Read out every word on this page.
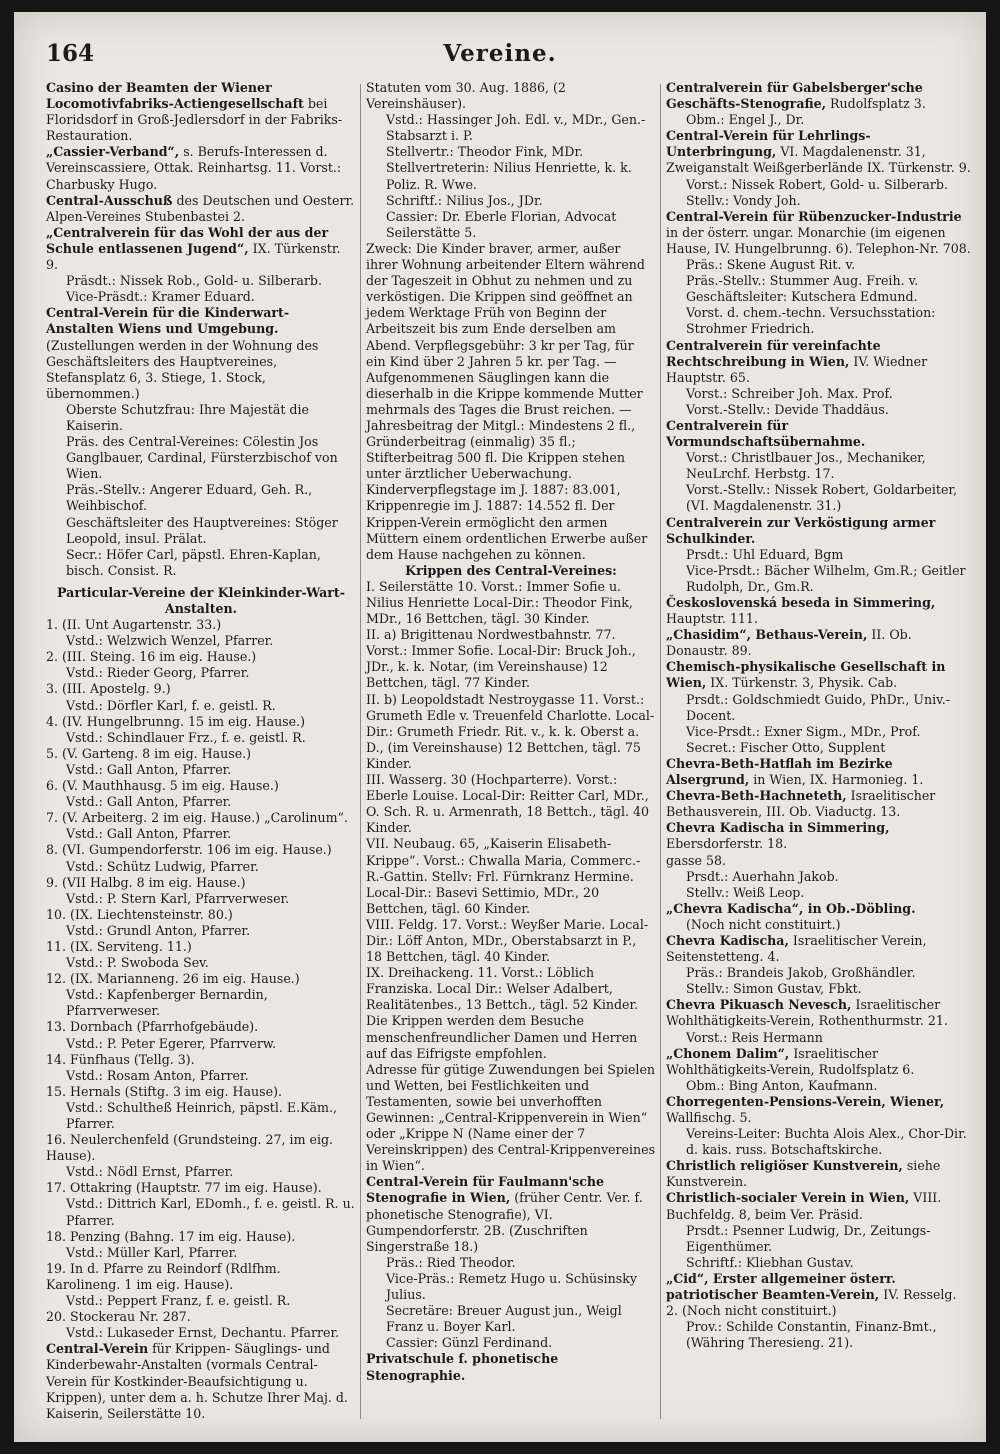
164	Vereine.

Casino der Beamten der Wiener Locomotivfabriks-Actiengesellschaft bei Floridsdorf in Groß-Jedlersdorf in der Fabriks-Restauration.

„Cassier-Verband“, s. Berufs-Interessen d. Vereinscassiere, Ottak. Reinhartsg. 11. Vorst.: Charbusky Hugo.

Central-Ausschuß des Deutschen und Oesterr. Alpen-Vereines Stubenbastei 2.

„Centralverein für das Wohl der aus der Schule entlassenen Jugend“, IX. Türkenstr. 9.

Präsdt.: Nissek Rob., Gold- u. Silberarb.

Vice-Präsdt.: Kramer Eduard.

Central-Verein für die Kinderwart-Anstalten Wiens und Umgebung. (Zustellungen werden in der Wohnung des Geschäftsleiters des Hauptvereines, Stefansplatz 6, 3. Stiege, 1. Stock, übernommen.)

Oberste Schutzfrau: Ihre Majestät die Kaiserin.

Präs. des Central-Vereines: Cölestin Jos Ganglbauer, Cardinal, Fürsterzbischof von Wien.

Präs.-Stellv.: Angerer Eduard, Geh. R., Weihbischof.

Geschäftsleiter des Hauptvereines: Stöger Leopold, insul. Prälat.

Secr.: Höfer Carl, päpstl. Ehren-Kaplan, bisch. Consist. R.

Particular-Vereine der Kleinkinder-Wart-Anstalten.

1. (II. Unt Augartenstr. 33.)

Vstd.: Welzwich Wenzel, Pfarrer.

2. (III. Steing. 16 im eig. Hause.)

Vstd.: Rieder Georg, Pfarrer.

3. (III. Apostelg. 9.)

Vstd.: Dörfler Karl, f. e. geistl. R.

4. (IV. Hungelbrunng. 15 im eig. Hause.)

Vstd.: Schindlauer Frz., f. e. geistl. R.

5. (V. Garteng. 8 im eig. Hause.)

Vstd.: Gall Anton, Pfarrer.

6. (V. Mauthhausg. 5 im eig. Hause.)

Vstd.: Gall Anton, Pfarrer.

7. (V. Arbeiterg. 2 im eig. Hause.) „Carolinum“.

Vstd.: Gall Anton, Pfarrer.

8. (VI. Gumpendorferstr. 106 im eig. Hause.)

Vstd.: Schütz Ludwig, Pfarrer.

9. (VII Halbg. 8 im eig. Hause.)

Vstd.: P. Stern Karl, Pfarrverweser.

10. (IX. Liechtensteinstr. 80.)

Vstd.: Grundl Anton, Pfarrer.

11. (IX. Serviteng. 11.)

Vstd.: P. Swoboda Sev.

12. (IX. Marianneng. 26 im eig. Hause.)

Vstd.: Kapfenberger Bernardin, Pfarrverweser.

13. Dornbach (Pfarrhofgebäude).

Vstd.: P. Peter Egerer, Pfarrverw.

14. Fünfhaus (Tellg. 3).

Vstd.: Rosam Anton, Pfarrer.

15. Hernals (Stiftg. 3 im eig. Hause).

Vstd.: Schultheß Heinrich, päpstl. E.Käm., Pfarrer.

16. Neulerchenfeld (Grundsteing. 27, im eig. Hause).

Vstd.: Nödl Ernst, Pfarrer.

17. Ottakring (Hauptstr. 77 im eig. Hause).

Vstd.: Dittrich Karl, EDomh., f. e. geistl. R. u. Pfarrer.

18. Penzing (Bahng. 17 im eig. Hause).

Vstd.: Müller Karl, Pfarrer.

19. In d. Pfarre zu Reindorf (Rdlfhm. Karolineng. 1 im eig. Hause).

Vstd.: Peppert Franz, f. e. geistl. R.

20. Stockerau Nr. 287.

Vstd.: Lukaseder Ernst, Dechantu. Pfarrer.

Central-Verein für Krippen- Säuglings- und Kinderbewahr-Anstalten (vormals Central-Verein für Kostkinder-Beaufsichtigung u. Krippen), unter dem a. h. Schutze Ihrer Maj. d. Kaiserin, Seilerstätte 10.

Statuten vom 30. Aug. 1886, (2 Vereinshäuser).

Vstd.: Hassinger Joh. Edl. v., MDr., Gen.-Stabsarzt i. P.

Stellvertr.: Theodor Fink, MDr.

Stellvertreterin: Nilius Henriette, k. k. Poliz. R. Wwe.

Schriftf.: Nilius Jos., JDr.

Cassier: Dr. Eberle Florian, Advocat Seilerstätte 5.

Zweck: Die Kinder braver, armer, außer ihrer Wohnung arbeitender Eltern während der Tageszeit in Obhut zu nehmen und zu verköstigen. Die Krippen sind geöffnet an jedem Werktage Früh von Beginn der Arbeitszeit bis zum Ende derselben am Abend. Verpflegsgebühr: 3 kr per Tag, für ein Kind über 2 Jahren 5 kr. per Tag. — Aufgenommenen Säuglingen kann die dieserhalb in die Krippe kommende Mutter mehrmals des Tages die Brust reichen. — Jahresbeitrag der Mitgl.: Mindestens 2 fl., Gründerbeitrag (einmalig) 35 fl.; Stifterbeitrag 500 fl. Die Krippen stehen unter ärztlicher Ueberwachung. Kinderverpflegstage im J. 1887: 83.001, Krippenregie im J. 1887: 14.552 fl. Der Krippen-Verein ermöglicht den armen Müttern einem ordentlichen Erwerbe außer dem Hause nachgehen zu können.

Krippen des Central-Vereines:

I. Seilerstätte 10. Vorst.: Immer Sofie u. Nilius Henriette Local-Dir.: Theodor Fink, MDr., 16 Bettchen, tägl. 30 Kinder.

II. a) Brigittenau Nordwestbahnstr. 77. Vorst.: Immer Sofie. Local-Dir: Bruck Joh., JDr., k. k. Notar, (im Vereinshause) 12 Bettchen, tägl. 77 Kinder.

II. b) Leopoldstadt Nestroygasse 11. Vorst.: Grumeth Edle v. Treuenfeld Charlotte. Local-Dir.: Grumeth Friedr. Rit. v., k. k. Oberst a. D., (im Vereinshause) 12 Bettchen, tägl. 75 Kinder.

III. Wasserg. 30 (Hochparterre). Vorst.: Eberle Louise. Local-Dir: Reitter Carl, MDr., O. Sch. R. u. Armenrath, 18 Bettch., tägl. 40 Kinder.

VII. Neubaug. 65, „Kaiserin Elisabeth-Krippe“. Vorst.: Chwalla Maria, Commerc.-R.-Gattin. Stellv: Frl. Fürnkranz Hermine. Local-Dir.: Basevi Settimio, MDr., 20 Bettchen, tägl. 60 Kinder.

VIII. Feldg. 17. Vorst.: Weyßer Marie. Local-Dir.: Löff Anton, MDr., Oberstabsarzt in P., 18 Bettchen, tägl. 40 Kinder.

IX. Dreihackeng. 11. Vorst.: Löblich Franziska. Local Dir.: Welser Adalbert, Realitätenbes., 13 Bettch., tägl. 52 Kinder.

Die Krippen werden dem Besuche menschenfreundlicher Damen und Herren auf das Eifrigste empfohlen.

Adresse für gütige Zuwendungen bei Spielen und Wetten, bei Festlichkeiten und Testamenten, sowie bei unverhofften Gewinnen: „Central-Krippenverein in Wien“ oder „Krippe N (Name einer der 7 Vereinskrippen) des Central-Krippenvereines in Wien“.

Central-Verein für Faulmann'sche Stenografie in Wien, (früher Centr. Ver. f. phonetische Stenografie), VI. Gumpendorferstr. 2B. (Zuschriften Singerstraße 18.)

Präs.: Ried Theodor.

Vice-Präs.: Remetz Hugo u. Schüsinsky Julius.

Secretäre: Breuer August jun., Weigl Franz u. Boyer Karl.

Cassier: Günzl Ferdinand.

Privatschule f. phonetische Stenographie.

Centralverein für Gabelsberger'sche Geschäfts-Stenografie, Rudolfsplatz 3.

Obm.: Engel J., Dr.

Central-Verein für Lehrlings-Unterbringung, VI. Magdalenenstr. 31, Zweiganstalt Weißgerberlände IX. Türkenstr. 9.

Vorst.: Nissek Robert, Gold- u. Silberarb.

Stellv.: Vondy Joh.

Central-Verein für Rübenzucker-Industrie in der österr. ungar. Monarchie (im eigenen Hause, IV. Hungelbrunng. 6). Telephon-Nr. 708.

Präs.: Skene August Rit. v.

Präs.-Stellv.: Stummer Aug. Freih. v.

Geschäftsleiter: Kutschera Edmund.

Vorst. d. chem.-techn. Versuchsstation: Strohmer Friedrich.

Centralverein für vereinfachte Rechtschreibung in Wien, IV. Wiedner Hauptstr. 65.

Vorst.: Schreiber Joh. Max. Prof.

Vorst.-Stellv.: Devide Thaddäus.

Centralverein für Vormundschaftsübernahme.

Vorst.: Christlbauer Jos., Mechaniker, NeuLrchf. Herbstg. 17.

Vorst.-Stellv.: Nissek Robert, Goldarbeiter, (VI. Magdalenenstr. 31.)

Centralverein zur Verköstigung armer Schulkinder.

Prsdt.: Uhl Eduard, Bgm

Vice-Prsdt.: Bächer Wilhelm, Gm.R.; Geitler Rudolph, Dr., Gm.R.

Československá beseda in Simmering, Hauptstr. 111.

„Chasidim“, Bethaus-Verein, II. Ob. Donaustr. 89.

Chemisch-physikalische Gesellschaft in Wien, IX. Türkenstr. 3, Physik. Cab.

Prsdt.: Goldschmiedt Guido, PhDr., Univ.-Docent.

Vice-Prsdt.: Exner Sigm., MDr., Prof.

Secret.: Fischer Otto, Supplent

Chevra-Beth-Hatflah im Bezirke Alsergrund, in Wien, IX. Harmonieg. 1.

Chevra-Beth-Hachneteth, Israelitischer Bethausverein, III. Ob. Viaductg. 13.

Chevra Kadischa in Simmering, Ebersdorferstr. 18.

gasse 58.

Prsdt.: Auerhahn Jakob.

Stellv.: Weiß Leop.

„Chevra Kadischa“, in Ob.-Döbling.

(Noch nicht constituirt.)

Chevra Kadischa, Israelitischer Verein, Seitenstetteng. 4.

Präs.: Brandeis Jakob, Großhändler.

Stellv.: Simon Gustav, Fbkt.

Chevra Pikuasch Nevesch, Israelitischer Wohlthätigkeits-Verein, Rothenthurmstr. 21.

Vorst.: Reis Hermann

„Chonem Dalim“, Israelitischer Wohlthätigkeits-Verein, Rudolfsplatz 6.

Obm.: Bing Anton, Kaufmann.

Chorregenten-Pensions-Verein, Wiener, Wallfischg. 5.

Vereins-Leiter: Buchta Alois Alex., Chor-Dir. d. kais. russ. Botschaftskirche.

Christlich religiöser Kunstverein, siehe Kunstverein.

Christlich-socialer Verein in Wien, VIII. Buchfeldg. 8, beim Ver. Präsid.

Prsdt.: Psenner Ludwig, Dr., Zeitungs-Eigenthümer.

Schriftf.: Kliebhan Gustav.

„Cid“, Erster allgemeiner österr. patriotischer Beamten-Verein, IV. Resselg. 2. (Noch nicht constituirt.)

Prov.: Schilde Constantin, Finanz-Bmt., (Währing Theresieng. 21).
